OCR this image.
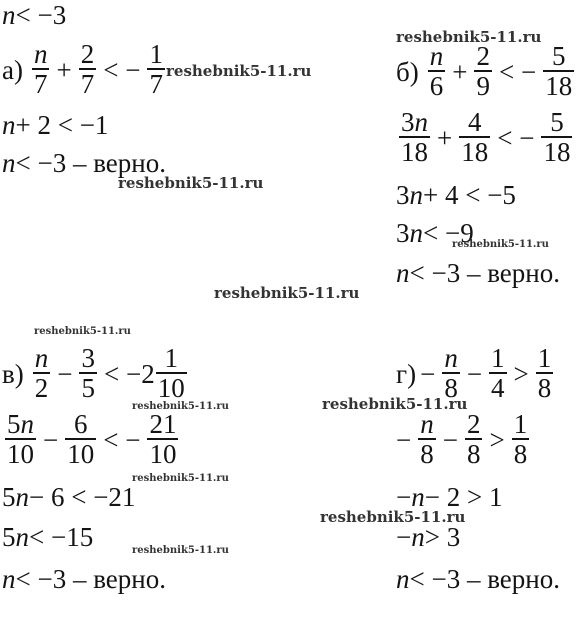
n < −3
а)
n
$7 + \frac{2}{7}$ < − $\frac{1}{7}$
n + 2 < −1
n < −3 – верно.
б)
n
$6 + \frac{2}{9}$ < − $\frac{5}{18}$
3n
$18 + \frac{4}{18}$ < − $\frac{5}{18}$
3 n + 4 < −5
3 n < −9
n < −3 – верно.
в)
n
$2 - \frac{3}{5} < -2$
1
10
5n
$10 - \frac{6}{10}$ < − $\frac{21}{10}$
5 n − 6 < −21
5 n < −15
n < −3 – верно.
$г) - \frac{n}{8} - \frac{1}{4}$ >
1
8
− $\frac{n}{8} - \frac{2}{8}$ >
1
8
− n − 2 > 1
− n > 3
n < −3 – верно.
reshebnik5-11.ru
reshebnik5-11.ru
reshebnik5-11.ru
reshebnik5-11.ru
reshebnik5-11.ru
reshebnik5-11.ru
reshebnik5-11.ru	reshebnik5-11.ru
reshebnik5-11.ru
reshebnik5-11.ru
reshebnik5-11.ru
